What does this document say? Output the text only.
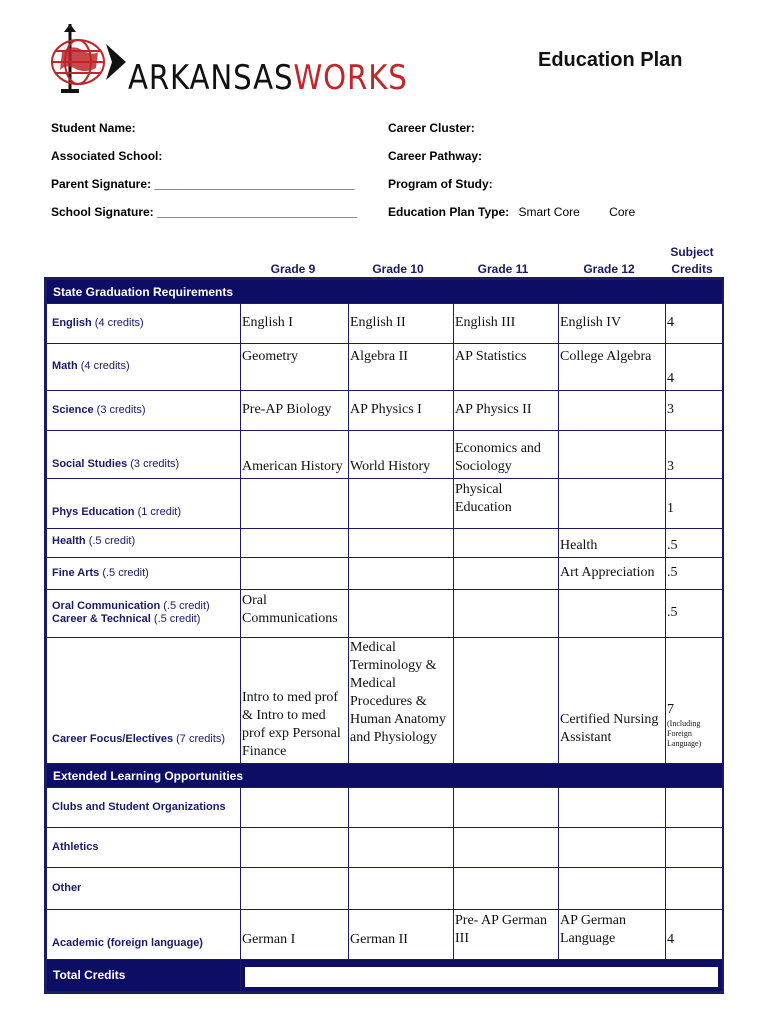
ARKANSASWORKS	Education Plan
Student Name:
Associated School:
Parent Signature: ______________________________
School Signature: ______________________________
Career Cluster:
Career Pathway:
Program of Study:
Education Plan Type: Smart Core Core
Grade 9	Grade 10	Grade 11	Grade 12
Subject
Credits
State Graduation Requirements					
English (4 credits)	English I	English II	English III	English IV	4
Math (4 credits)	Geometry	Algebra II	AP Statistics	College Algebra	4
Science (3 credits)	Pre-AP Biology	AP Physics I	AP Physics II		3
Social Studies (3 credits)	American History	World History	Economics and Sociology		3
Phys Education (1 credit)			Physical Education		1
Health (.5 credit)				Health	.5
Fine Arts (.5 credit)				Art Appreciation	.5

Oral Communication (.5 credit)
Career & Technical (.5 credit)	Oral Communications				.5
Career Focus/Electives (7 credits)	Intro to med prof & Intro to med prof exp Personal Finance	Medical Terminology & Medical Procedures & Human Anatomy and Physiology		Certified Nursing Assistant	7
(Including Foreign Language)

Extended Learning Opportunities					
Clubs and Student Organizations					
Athletics					
Other					
Academic (foreign language)	German I	German II	Pre- AP German III	AP German Language	4
Total Credits					
